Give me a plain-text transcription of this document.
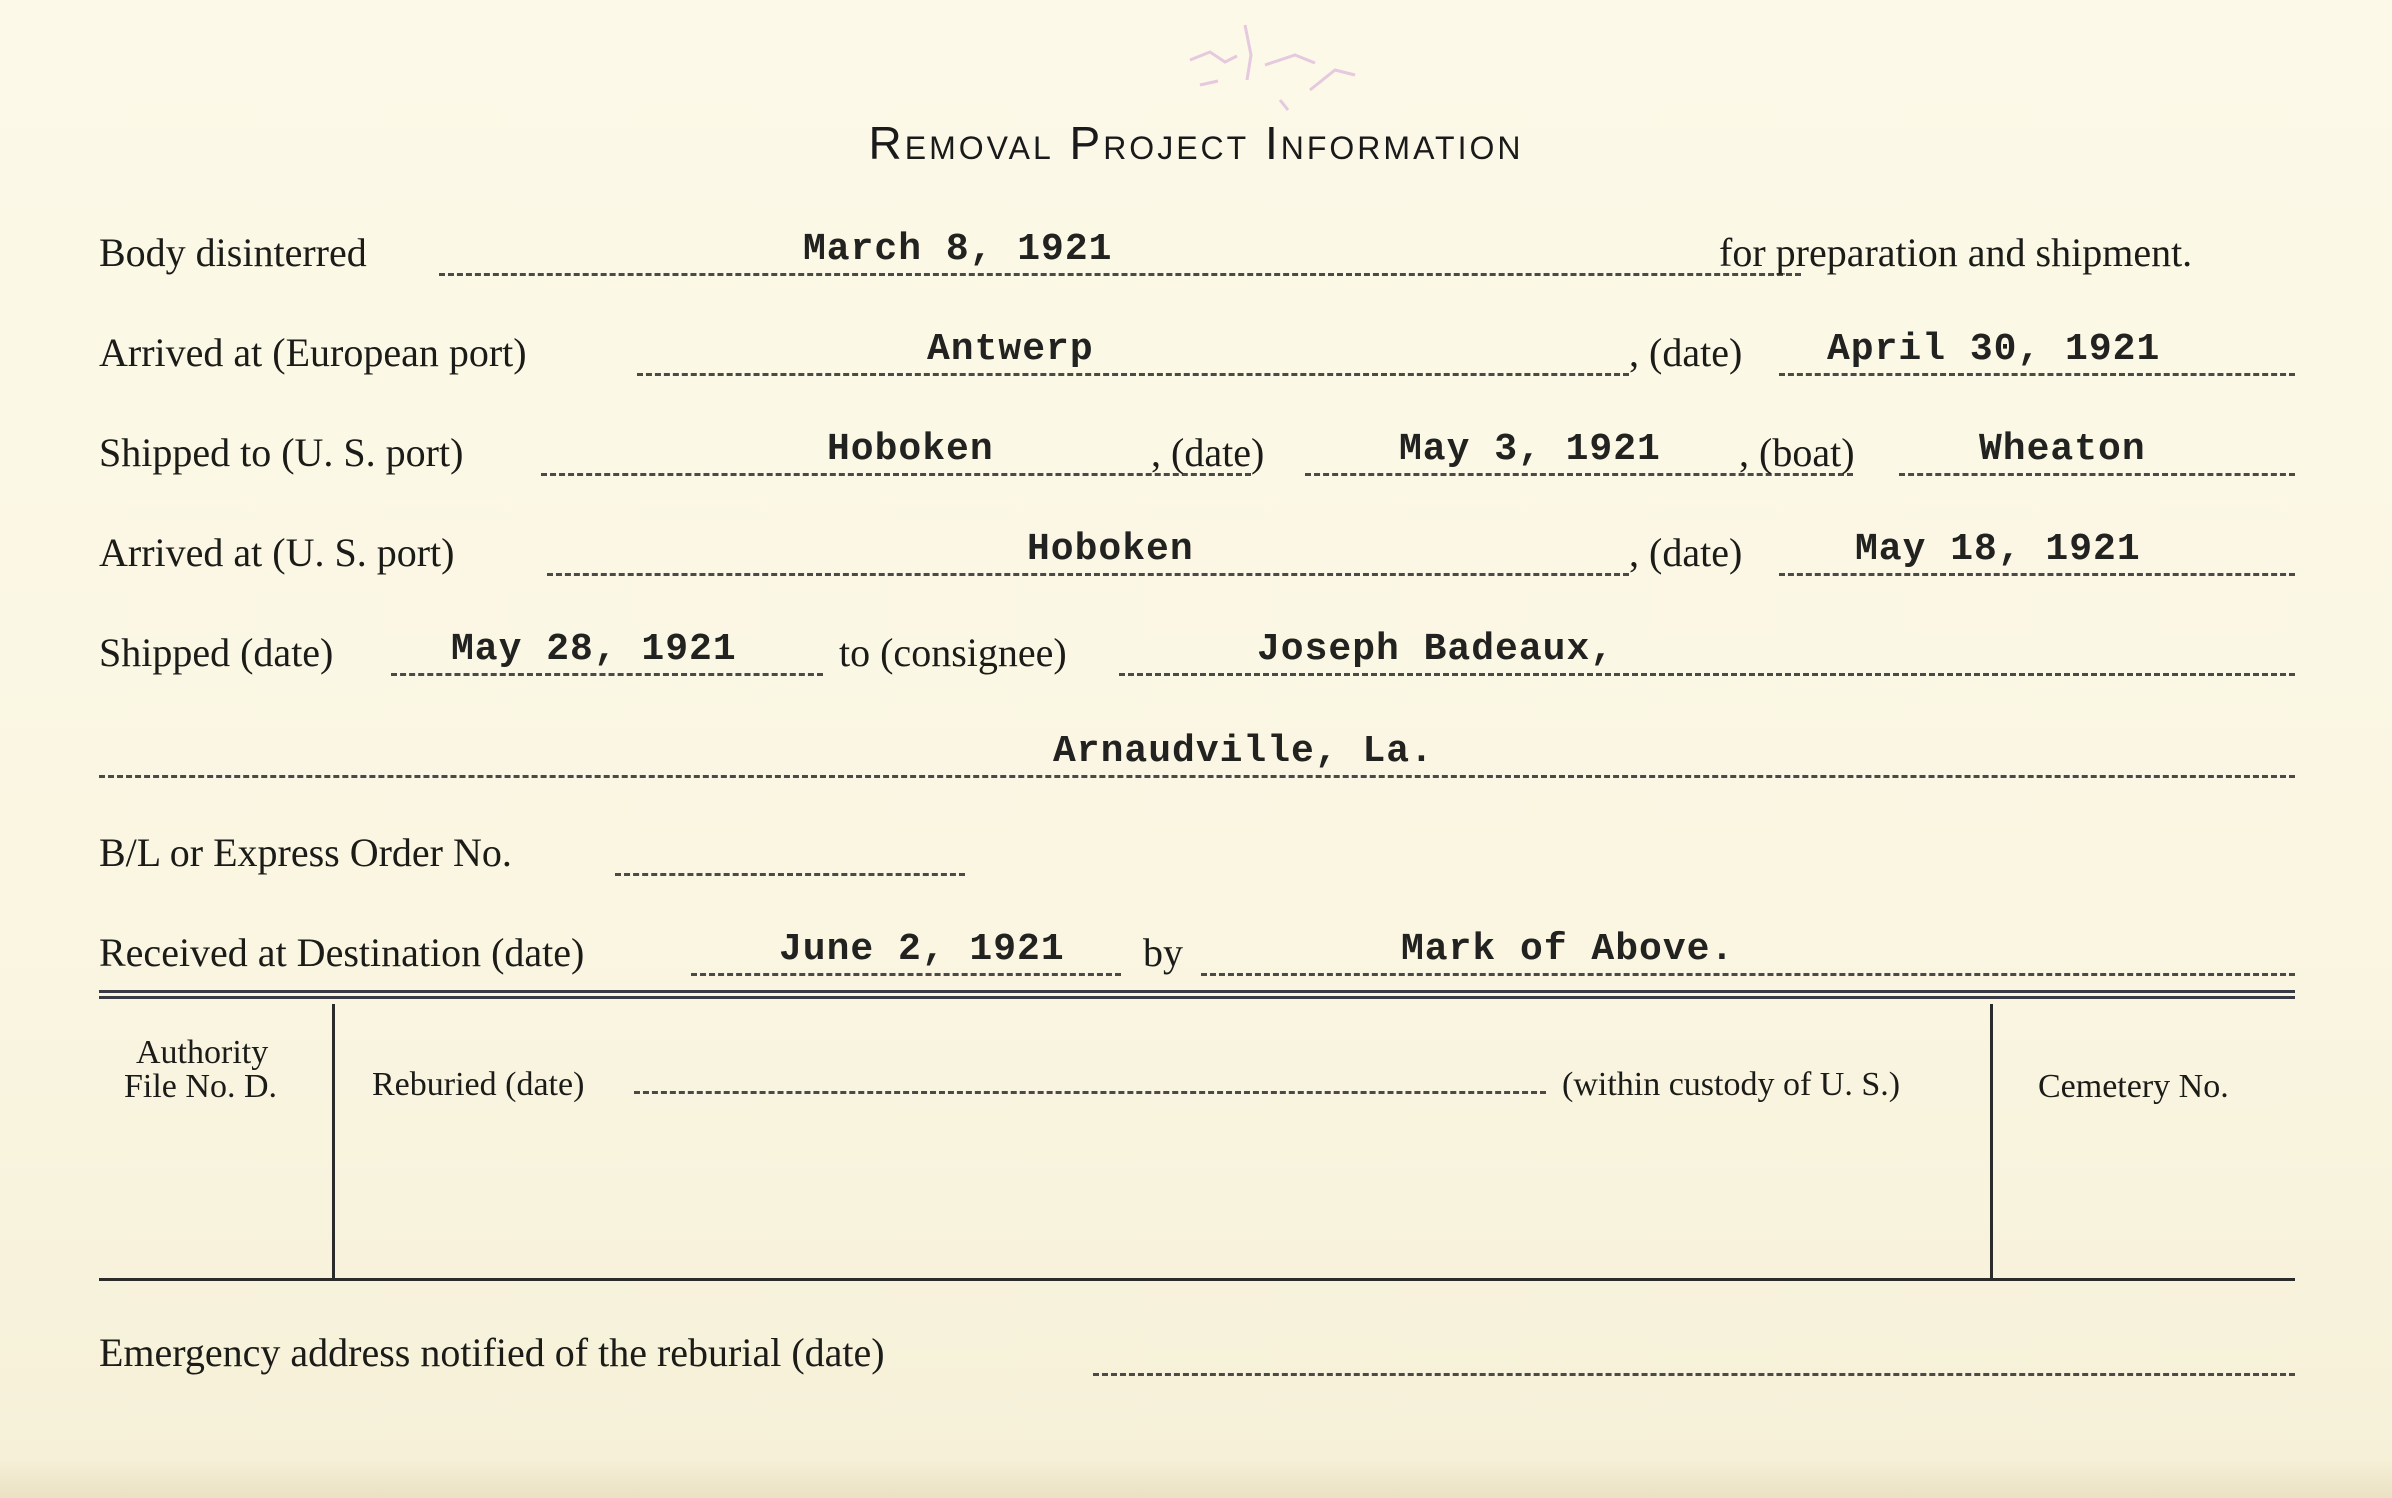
Removal Project Information
Body disinterred	March 8, 1921	for preparation and shipment.
Arrived at (European port)	Antwerp	, (date) April 30, 1921
Shipped to (U. S. port)	Hoboken	, (date)	May 3, 1921 , (boat)	Wheaton
Arrived at (U. S. port)	Hoboken	, (date)	May 18, 1921
Shipped (date)	May 28, 1921	to (consignee)	Joseph Badeaux,
Arnaudville, La.
B/L or Express Order No.
Received at Destination (date)	June 2, 1921 by	Mark of Above.
Authority
File No. D.	Reburied (date)	(within custody of U. S.)	Cemetery No.
Emergency address notified of the reburial (date)
